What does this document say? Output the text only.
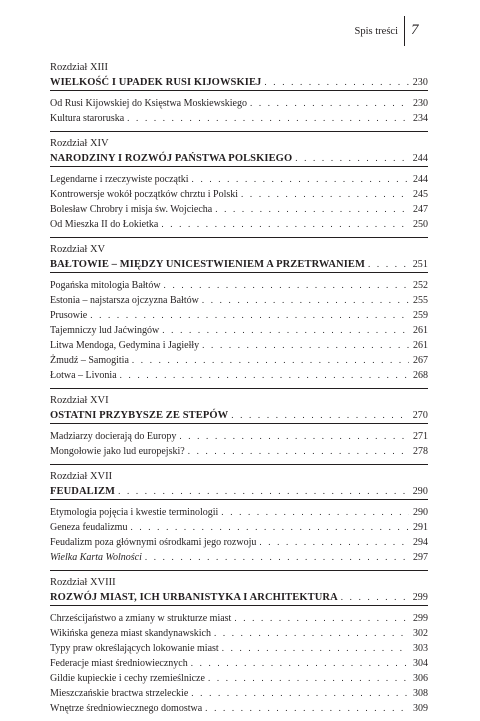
Spis treści 7
Rozdział XIII
WIELKOŚĆ I UPADEK RUSI KIJOWSKIEJ . . .	230
Od Rusi Kijowskiej do Księstwa Moskiewskiego . . .	230
Kultura staroruska . . .	234
Rozdział XIV
NARODZINY I ROZWÓJ PAŃSTWA POLSKIEGO . . .	244
Legendarne i rzeczywiste początki . . .	244
Kontrowersje wokół początków chrztu i Polski . . .	245
Bolesław Chrobry i misja św. Wojciecha . . .	247
Od Mieszka II do Łokietka . . .	250
Rozdział XV
BAŁTOWIE – MIĘDZY UNICESTWIENIEM A PRZETRWANIEM . . .	251
Pogańska mitologia Bałtów . . .	252
Estonia – najstarsza ojczyzna Bałtów . . .	255
Prusowie . . .	259
Tajemniczy lud Jaćwingów . . .	261
Litwa Mendoga, Gedymina i Jagiełły . . .	261
Żmudź – Samogitia . . .	267
Łotwa – Livonia . . .	268
Rozdział XVI
OSTATNI PRZYBYSZE ZE STEPÓW . . .	270
Madziarzy docierają do Europy . . .	271
Mongołowie jako lud europejski? . . .	278
Rozdział XVII
FEUDALIZM . . .	290
Etymologia pojęcia i kwestie terminologii . . .	290
Geneza feudalizmu . . .	291
Feudalizm poza głównymi ośrodkami jego rozwoju . . .	294
Wielka Karta Wolności . . .	297
Rozdział XVIII
ROZWÓJ MIAST, ICH URBANISTYKA I ARCHITEKTURA . . .	299
Chrześcijaństwo a zmiany w strukturze miast . . .	299
Wikińska geneza miast skandynawskich . . .	302
Typy praw określających lokowanie miast . . .	303
Federacje miast średniowiecznych . . .	304
Gildie kupieckie i cechy rzemieślnicze . . .	306
Mieszczańskie bractwa strzeleckie . . .	308
Wnętrze średniowiecznego domostwa . . .	309
